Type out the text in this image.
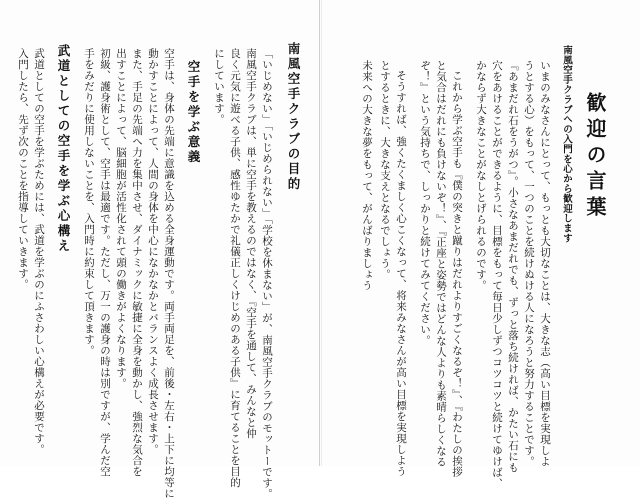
歓迎の言葉
南風空手クラブへの入門を心から歓迎します
いまのみなさんにとって、もっとも大切なことは、大きな志（高い目標を実現しよ
うとする心）をもって、一つのことを続けぬける人になろうと努力することです。
『あまだれ石をうがつ』。小さなあまだれでも、ずっと落ち続ければ、かたい石にも
穴をあけることができるように、目標をもって毎日少しずつコツコツと続けてゆけば、
かならず大きなことがなしとげられるのです。
これから学ぶ空手も『僕の突きと蹴りはだれよりすごくなるぞ！』、『わたしの挨拶
と気合はだれにも負けないぞ！』、『正座と姿勢ではどんな人よりも素晴らしくなる
ぞ！』という気持ちで、しっかりと続けてみてください。
そうすれば、強くたくましく心こくなって、将来みなさんが高い目標を実現しよう
とするときに、大きな支えとなるでしょう。
未来への大きな夢をもって、がんばりましょう
南風空手クラブの目的
「いじめない」「いじめられない」「学校を休まない」が、南風空手クラブのモットーです。
南風空手クラブは、単に空手を教えるのではなく、『空手を通して、みんなと仲
良く元気に遊べる子供、感性ゆたかで礼儀正しくけじめのある子供』に育てることを目的
にしています。
空手を学ぶ意義
空手は、身体の先端に意識を込める全身運動です。両手両足を、前後・左右・上下に均等に
動かすことによって、人間の身体を中心になかなかとバランスよく成長させます。
また、手足の先端へ力を集中させ、ダイナミックに敏捷に全身を動かし、強烈な気合を
出すことによって、脳細胞が活性化されて頭の働きがよくなります。
初級、護身術として、空手は最適です。ただし、万一の護身の時は別ですが、学んだ空
手をみだりに使用しないことを、入門時に約束して頂きます。
武道としての空手を学ぶ心構え
武道としての空手を学ぶためには、武道を学ぶのにふさわしい心構えが必要です。
入門したら、先ず次のことを指導していきます。
